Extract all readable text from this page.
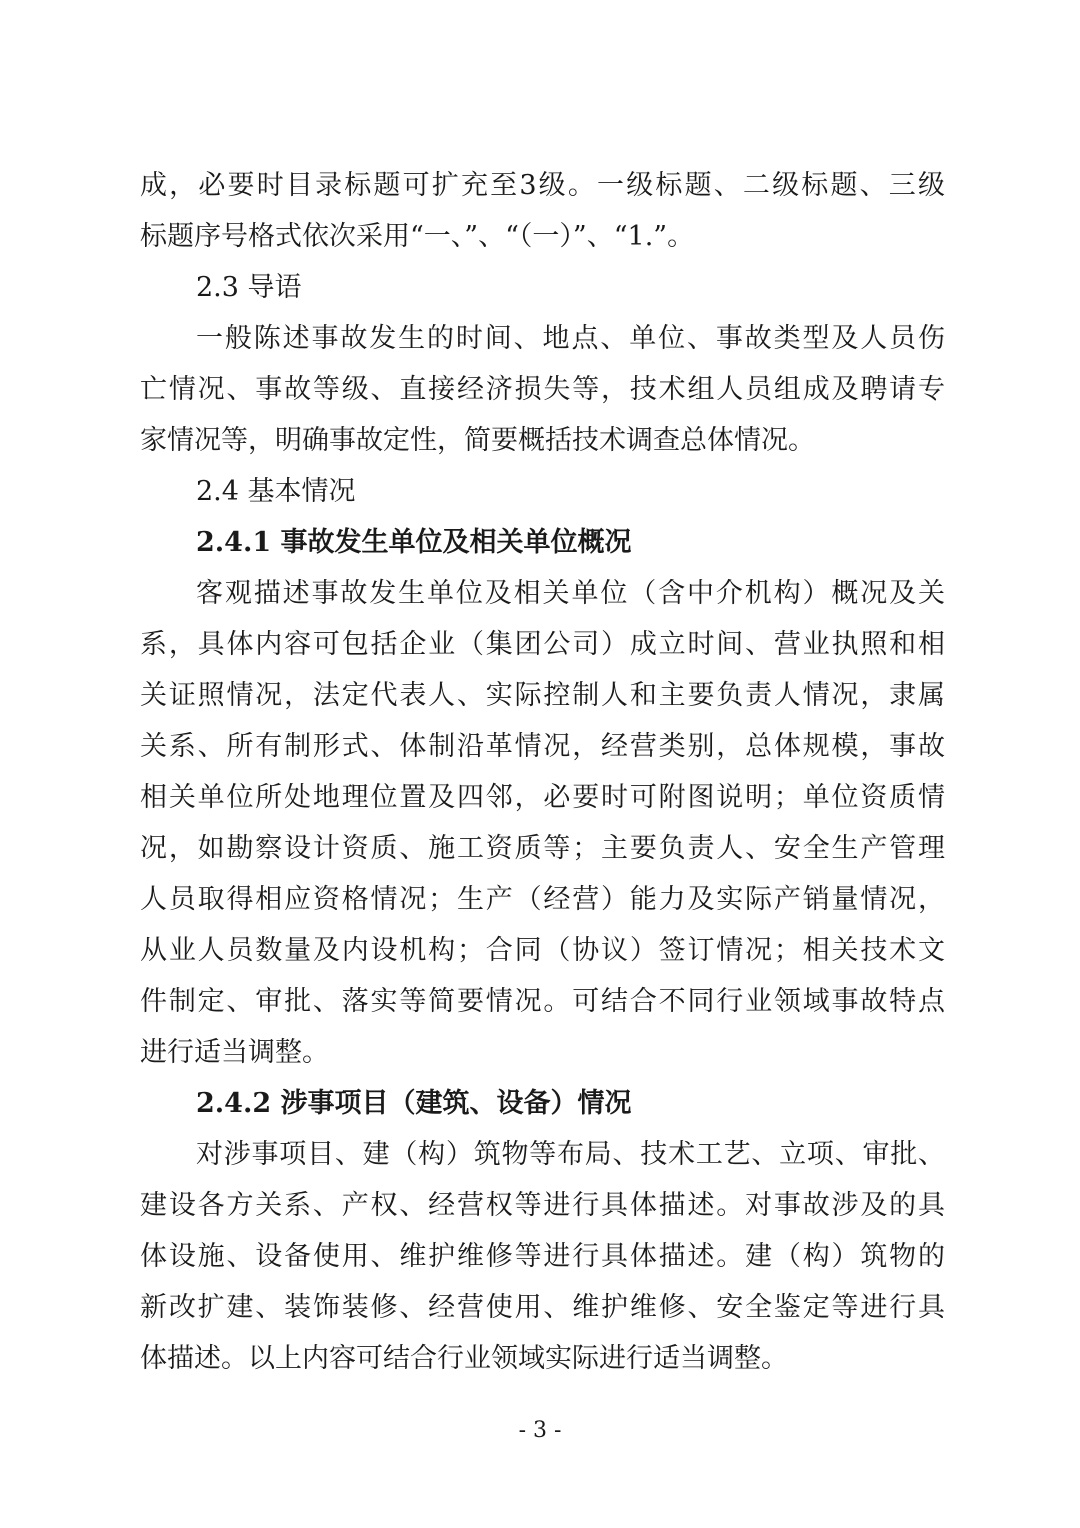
成，必要时目录标题可扩充至3级。一级标题、二级标题、三级
标题序号格式依次采用“一、”、“（一）”、“1.”。
2.3 导语
一般陈述事故发生的时间、地点、单位、事故类型及人员伤
亡情况、事故等级、直接经济损失等，技术组人员组成及聘请专
家情况等，明确事故定性，简要概括技术调查总体情况。
2.4 基本情况
2.4.1 事故发生单位及相关单位概况
客观描述事故发生单位及相关单位（含中介机构）概况及关
系，具体内容可包括企业（集团公司）成立时间、营业执照和相
关证照情况，法定代表人、实际控制人和主要负责人情况，隶属
关系、所有制形式、体制沿革情况，经营类别，总体规模，事故
相关单位所处地理位置及四邻，必要时可附图说明；单位资质情
况，如勘察设计资质、施工资质等；主要负责人、安全生产管理
人员取得相应资格情况；生产（经营）能力及实际产销量情况，
从业人员数量及内设机构；合同（协议）签订情况；相关技术文
件制定、审批、落实等简要情况。可结合不同行业领域事故特点
进行适当调整。
2.4.2 涉事项目（建筑、设备）情况
对涉事项目、建（构）筑物等布局、技术工艺、立项、审批、
建设各方关系、产权、经营权等进行具体描述。对事故涉及的具
体设施、设备使用、维护维修等进行具体描述。建（构）筑物的
新改扩建、装饰装修、经营使用、维护维修、安全鉴定等进行具
体描述。以上内容可结合行业领域实际进行适当调整。
- 3 -
